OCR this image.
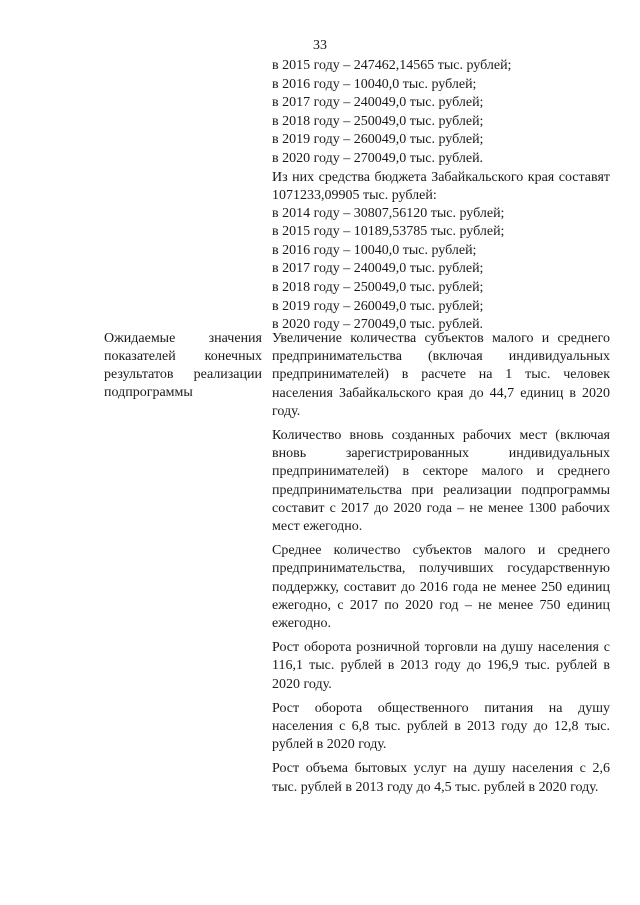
33
в 2015 году – 247462,14565 тыс. рублей;
в 2016 году – 10040,0 тыс. рублей;
в 2017 году – 240049,0 тыс. рублей;
в 2018 году – 250049,0 тыс. рублей;
в 2019 году – 260049,0 тыс. рублей;
в 2020 году – 270049,0 тыс. рублей.
Из них средства бюджета Забайкальского края составят 1071233,09905 тыс. рублей:
в 2014 году – 30807,56120 тыс. рублей;
в 2015 году – 10189,53785 тыс. рублей;
в 2016 году – 10040,0 тыс. рублей;
в 2017 году – 240049,0 тыс. рублей;
в 2018 году – 250049,0 тыс. рублей;
в 2019 году – 260049,0 тыс. рублей;
в 2020 году – 270049,0 тыс. рублей.
Ожидаемые значения
показателей конечных
результатов реализации
подпрограммы

Увеличение количества субъектов малого и среднего предпринимательства (включая индивидуальных предпринимателей) в расчете на 1 тыс. человек населения Забайкальского края до 44,7 единиц в 2020 году.

Количество вновь созданных рабочих мест (включая вновь зарегистрированных индивидуальных предпринимателей) в секторе малого и среднего предпринимательства при реализации подпрограммы составит с 2017 до 2020 года – не менее 1300 рабочих мест ежегодно.

Среднее количество субъектов малого и среднего предпринимательства, получивших государственную поддержку, составит до 2016 года не менее 250 единиц ежегодно, с 2017 по 2020 год – не менее 750 единиц ежегодно.

Рост оборота розничной торговли на душу населения с 116,1 тыс. рублей в 2013 году до 196,9 тыс. рублей в 2020 году.

Рост оборота общественного питания на душу населения с 6,8 тыс. рублей в 2013 году до 12,8 тыс. рублей в 2020 году.

Рост объема бытовых услуг на душу населения с 2,6 тыс. рублей в 2013 году до 4,5 тыс. рублей в 2020 году.
